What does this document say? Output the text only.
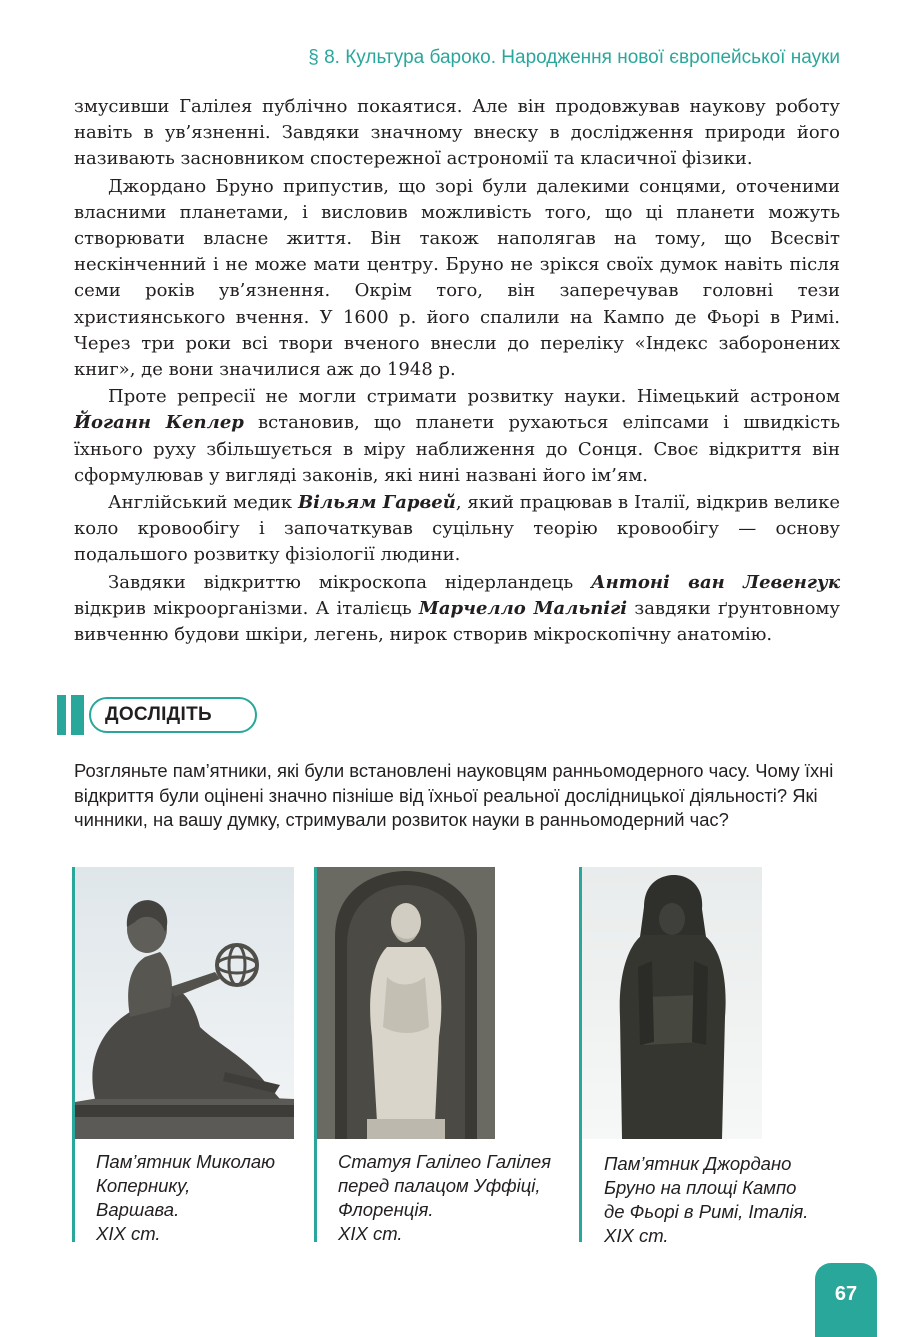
§ 8. Культура бароко. Народження нової європейської науки

змусивши Галілея публічно покаятися. Але він продовжував наукову роботу навіть в ув’язненні. Завдяки значному внеску в дослідження природи його називають засновником спостережної астрономії та класичної фізики.

Джордано Бруно припустив, що зорі були далекими сонцями, оточеними власними планетами, і висловив можливість того, що ці планети можуть створювати власне життя. Він також наполягав на тому, що Всесвіт нескінченний і не може мати центру. Бруно не зрікся своїх думок навіть після семи років ув’язнення. Окрім того, він заперечував головні тези християнського вчення. У 1600 р. його спалили на Кампо де Фьорі в Римі. Через три роки всі твори вченого внесли до переліку «Індекс заборонених книг», де вони значилися аж до 1948 р.

Проте репресії не могли стримати розвитку науки. Німецький астроном Йоганн Кеплер встановив, що планети рухаються еліпсами і швидкість їхнього руху збільшується в міру наближення до Сонця. Своє відкриття він сформулював у вигляді законів, які нині названі його ім’ям.

Англійський медик Вільям Гарвей, який працював в Італії, відкрив велике коло кровообігу і започаткував суцільну теорію кровообігу — основу подальшого розвитку фізіології людини.

Завдяки відкриттю мікроскопа нідерландець Антоні ван Левенгук відкрив мікроорганізми. А італієць Марчелло Мальпігі завдяки ґрунтовному вивченню будови шкіри, легень, нирок створив мікроскопічну анатомію.

ДОСЛІДІТЬ
Розгляньте пам’ятники, які були встановлені науковцям ранньомодерного часу. Чому їхні відкриття були оцінені значно пізніше від їхньої реальної дослідницької діяльності? Які чинники, на вашу думку, стримували розвиток науки в ранньомодерний час?
Пам’ятник Миколаю
Копернику,
Варшава.
XIX ст.
Статуя Галілео Галілея
перед палацом Уффіці,
Флоренція.
XIX ст.
Пам’ятник Джордано
Бруно на площі Кампо
де Фьорі в Римі, Італія.
XIX ст.
67
